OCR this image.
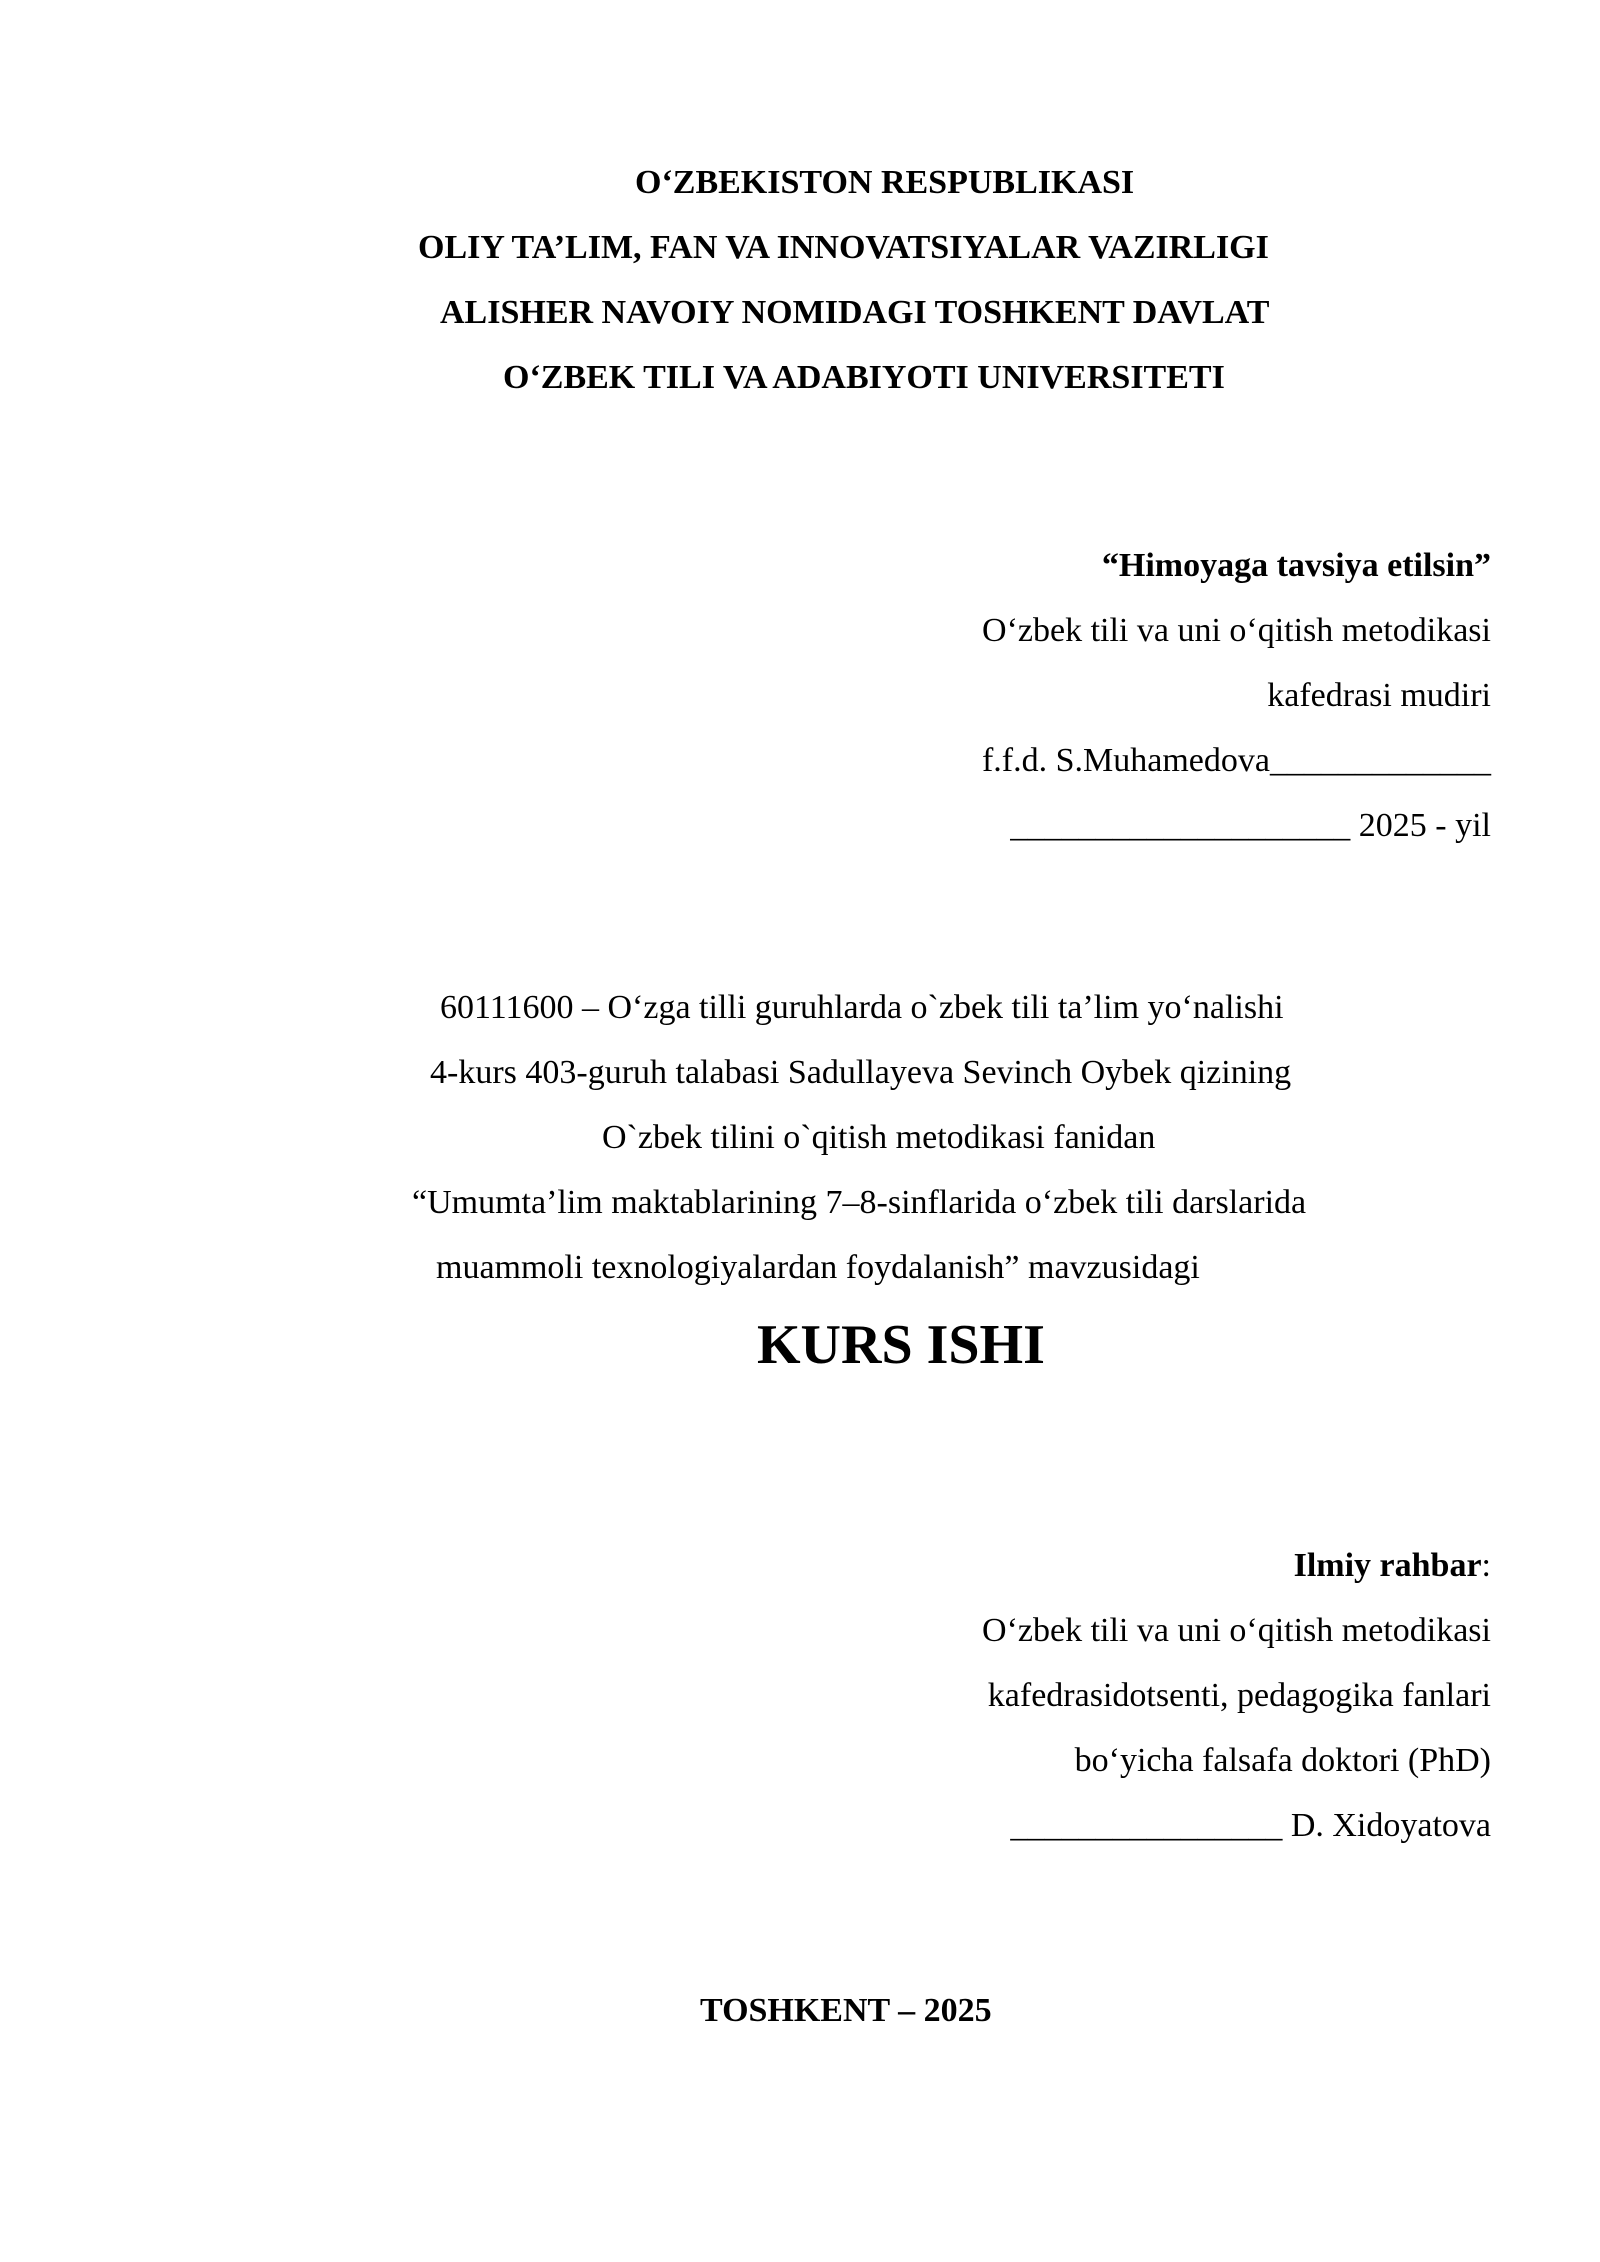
O‘ZBEKISTON RESPUBLIKASI
OLIY TA’LIM, FAN VA INNOVATSIYALAR VAZIRLIGI
ALISHER NAVOIY NOMIDAGI TOSHKENT DAVLAT
O‘ZBEK TILI VA ADABIYOTI UNIVERSITETI
“Himoyaga tavsiya etilsin”
O‘zbek tili va uni o‘qitish metodikasi
kafedrasi mudiri
f.f.d. S.Muhamedova_____________
____________________ 2025 - yil
60111600 – O‘zga tilli guruhlarda o`zbek tili ta’lim yo‘nalishi
4-kurs 403-guruh talabasi Sadullayeva Sevinch Oybek qizining
O`zbek tilini o`qitish metodikasi fanidan
“Umumta’lim maktablarining 7–8-sinflarida o‘zbek tili darslarida
muammoli texnologiyalardan foydalanish” mavzusidagi
KURS ISHI
Ilmiy rahbar:
O‘zbek tili va uni o‘qitish metodikasi
kafedrasidotsenti, pedagogika fanlari
bo‘yicha falsafa doktori (PhD)
________________ D. Xidoyatova
TOSHKENT – 2025
